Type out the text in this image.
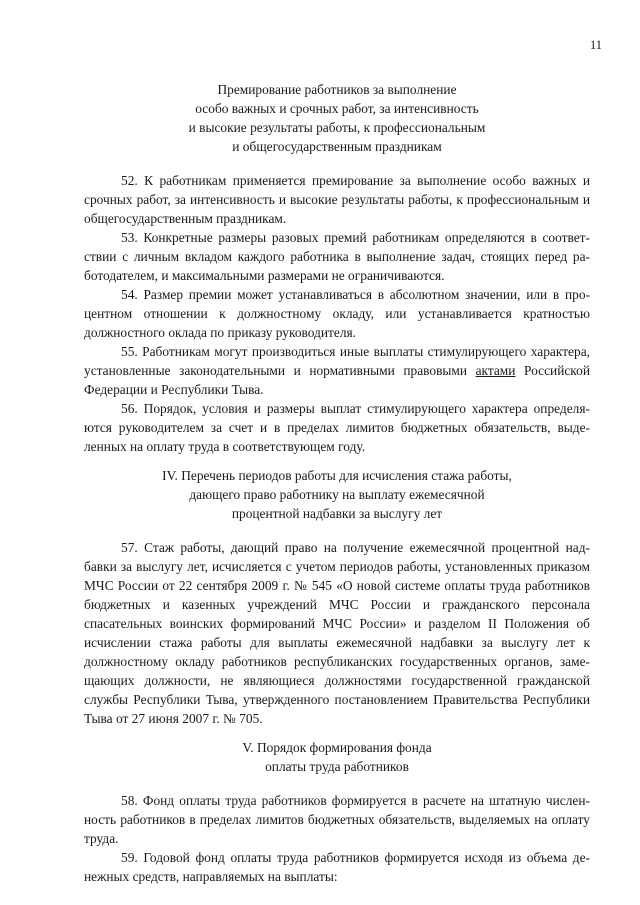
11
Премирование работников за выполнение
особо важных и срочных работ, за интенсивность
и высокие результаты работы, к профессиональным
и общегосударственным праздникам

52. К работникам применяется премирование за выполнение особо важных и срочных работ, за интенсивность и высокие результаты работы, к профессиональным и общегосударственным праздникам.

53. Конкретные размеры разовых премий работникам определяются в соответствии с личным вкладом каждого работника в выполнение задач, стоящих перед работодателем, и максимальными размерами не ограничиваются.

54. Размер премии может устанавливаться в абсолютном значении, или в процентном отношении к должностному окладу, или устанавливается кратностью должностного оклада по приказу руководителя.

55. Работникам могут производиться иные выплаты стимулирующего характера, установленные законодательными и нормативными правовыми актами Российской Федерации и Республики Тыва.

56. Порядок, условия и размеры выплат стимулирующего характера определяются руководителем за счет и в пределах лимитов бюджетных обязательств, выделенных на оплату труда в соответствующем году.

IV. Перечень периодов работы для исчисления стажа работы,
дающего право работнику на выплату ежемесячной
процентной надбавки за выслугу лет

57. Стаж работы, дающий право на получение ежемесячной процентной надбавки за выслугу лет, исчисляется с учетом периодов работы, установленных приказом МЧС России от 22 сентября 2009 г. № 545 «О новой системе оплаты труда работников бюджетных и казенных учреждений МЧС России и гражданского персонала спасательных воинских формирований МЧС России» и разделом II Положения об исчислении стажа работы для выплаты ежемесячной надбавки за выслугу лет к должностному окладу работников республиканских государственных органов, замещающих должности, не являющиеся должностями государственной гражданской службы Республики Тыва, утвержденного постановлением Правительства Республики Тыва от 27 июня 2007 г. № 705.

V. Порядок формирования фонда
оплаты труда работников

58. Фонд оплаты труда работников формируется в расчете на штатную численность работников в пределах лимитов бюджетных обязательств, выделяемых на оплату труда.

59. Годовой фонд оплаты труда работников формируется исходя из объема денежных средств, направляемых на выплаты:
